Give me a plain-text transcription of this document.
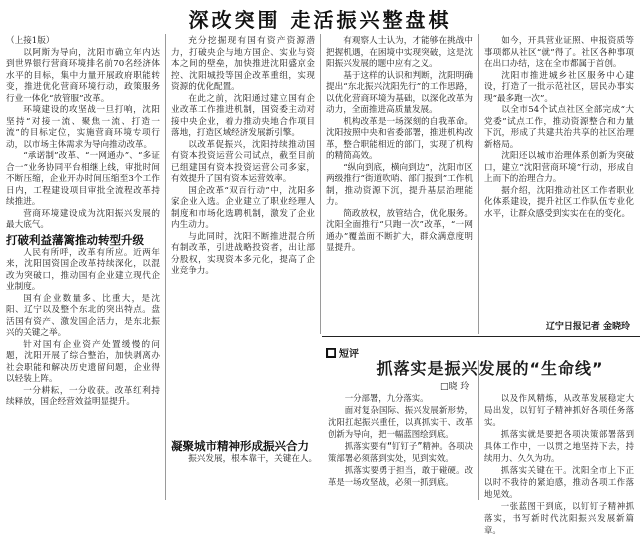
深改突围 走活振兴整盘棋

（上接1版）

以阿斯为导向，沈阳市确立年内达到世界银行营商环境排名前70名经济体水平的目标，集中力量开展政府职能转变，推进优化营商环境行动，政策服务行业一体化“放管服”改革。

环境建设的攻坚战一旦打响，沈阳坚持“对接一流、聚焦一流、打造一流”的目标定位，实施营商环境专项行动，以市场主体需求为导向推动改革。

“承诺制”改革、“一网通办”、“多证合一”业务协同平台相继上线，审批时间不断压缩，企业开办时间压缩至3个工作日内，工程建设项目审批全流程改革持续推进。

营商环境建设成为沈阳振兴发展的最大底气。

打破利益藩篱推动转型升级

人民有所呼，改革有所应。近两年来，沈阳国资国企改革持续深化，以混改为突破口，推动国有企业建立现代企业制度。

国有企业数量多、比重大，是沈阳、辽宁以及整个东北的突出特点。盘活国有资产、激发国企活力，是东北振兴的关键之举。

针对国有企业资产处置缓慢的问题，沈阳开展了综合整治，加快剥离办社会职能和解决历史遗留问题，企业得以轻装上阵。

一分耕耘，一分收获。改革红利持续释放，国企经营效益明显提升。

充分挖掘现有国有资产资源潜力，打破央企与地方国企、实业与资本之间的壁垒，加快推进沈阳盛京金控、沈阳城投等国企改革重组，实现资源的优化配置。

在此之前，沈阳通过建立国有企业改革工作推进机制，国资委主动对接中央企业，着力推动央地合作项目落地，打造区域经济发展新引擎。

以改革促振兴，沈阳持续推动国有资本投资运营公司试点，截至目前已组建国有资本投资运营公司多家，有效提升了国有资本运营效率。

国企改革“双百行动”中，沈阳多家企业入选。企业建立了职业经理人制度和市场化选聘机制，激发了企业内生动力。

与此同时，沈阳不断推进混合所有制改革，引进战略投资者，出让部分股权，实现资本多元化，提高了企业竞争力。

有观察人士认为，才能够在挑战中把握机遇，在困境中实现突破，这是沈阳振兴发展的题中应有之义。

基于这样的认识和判断，沈阳明确提出“东北振兴沈阳先行”的工作思路，以优化营商环境为基础，以深化改革为动力，全面推进高质量发展。

机构改革是一场深刻的自我革命。沈阳按照中央和省委部署，推进机构改革，整合职能相近的部门，实现了机构的精简高效。

“纵向到底，横向到边”，沈阳市区两级推行“街道吹哨、部门报到”工作机制，推动资源下沉，提升基层治理能力。

简政放权，放管结合，优化服务。沈阳全面推行“只跑一次”改革，“一网通办”覆盖面不断扩大，群众满意度明显提升。

凝聚城市精神形成振兴合力

振兴发展，根本靠干，关键在人。

如今，开具营业证照、申报资质等事项都从社区“就”得了。社区各种事项在出口办结，这在全市都属于首创。

沈阳市推进城乡社区服务中心建设，打造了一批示范社区，居民办事实现“最多跑一次”。

以全市54个试点社区全部完成“大党委”试点工作，推动资源整合和力量下沉，形成了共建共治共享的社区治理新格局。

沈阳还以城市治理体系创新为突破口，建立“沈阳营商环境”行动，形成自上而下的治理合力。

据介绍，沈阳推动社区工作者职业化体系建设，提升社区工作队伍专业化水平，让群众感受到实实在在的变化。

辽宁日报记者 金晓玲
■ 短评
抓落实是振兴发展的“生命线”
□晓 玲

一分部署，九分落实。

面对复杂国际、振兴发展新形势，沈阳扛起振兴重任，以真抓实干、改革创新为导向，把一幅蓝图绘到底。

抓落实要有“钉钉子”精神。各项决策部署必须落到实处，见到实效。

抓落实要勇于担当，敢于碰硬。改革是一场攻坚战，必须一抓到底。

以及作风精炼，从改革发展稳定大局出发，以钉钉子精神抓好各项任务落实。

抓落实就是要把各项决策部署落到具体工作中，一以贯之地坚持下去，持续用力、久久为功。

抓落实关键在干。沈阳全市上下正以时不我待的紧迫感，推动各项工作落地见效。

一张蓝图干到底，以钉钉子精神抓落实，书写新时代沈阳振兴发展新篇章。
